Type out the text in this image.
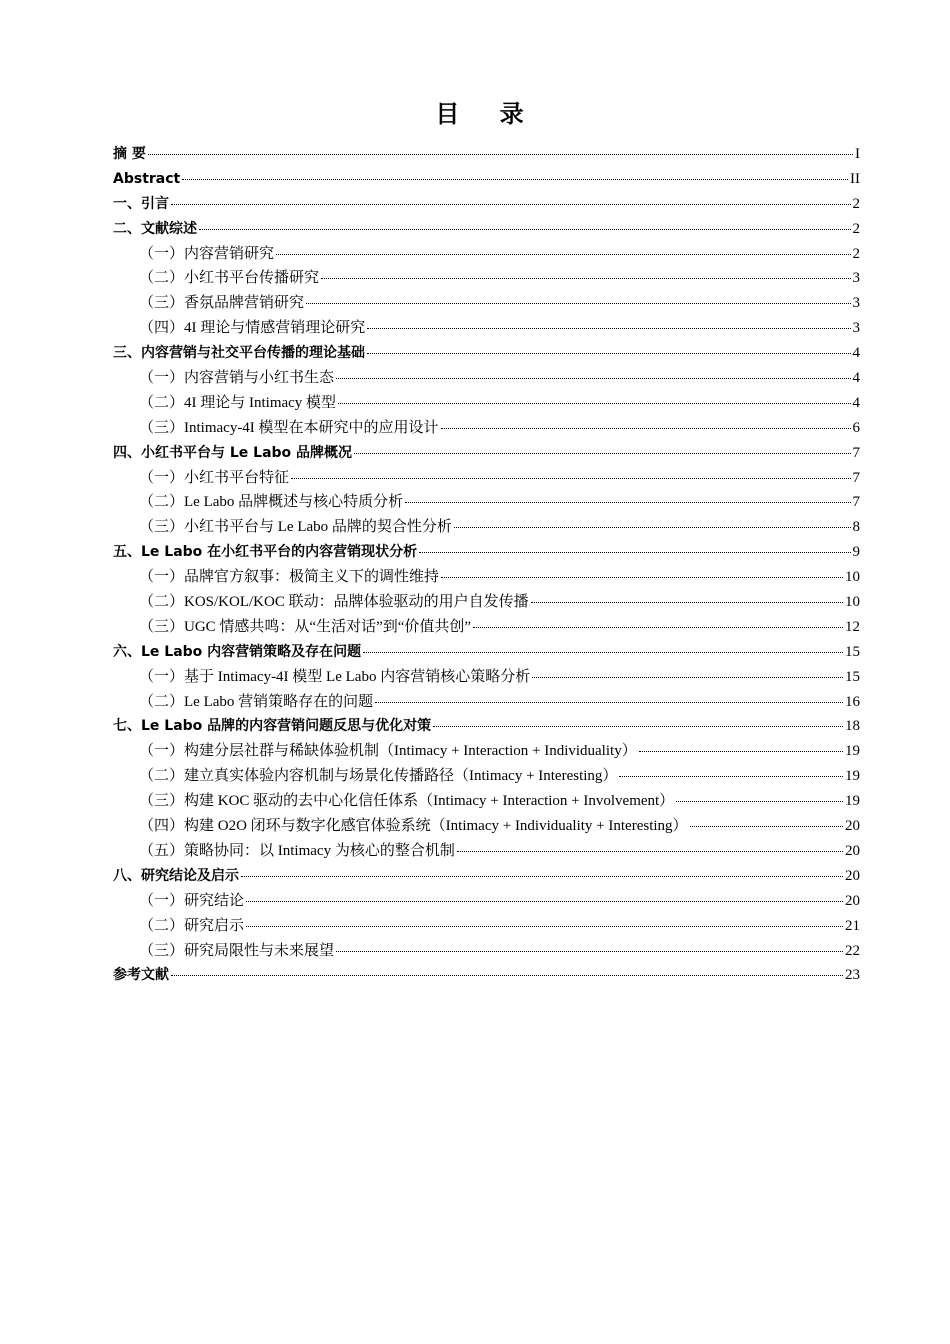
目 录
摘 要	I
Abstract	II
一、引言	2
二、文献综述	2
（一）内容营销研究	2
（二）小红书平台传播研究	3
（三）香氛品牌营销研究	3
（四）4I 理论与情感营销理论研究	3
三、内容营销与社交平台传播的理论基础	4
（一）内容营销与小红书生态	4
（二）4I 理论与 Intimacy 模型	4
（三）Intimacy-4I 模型在本研究中的应用设计	6
四、小红书平台与 Le Labo 品牌概况	7
（一）小红书平台特征	7
（二）Le Labo 品牌概述与核心特质分析	7
（三）小红书平台与 Le Labo 品牌的契合性分析	8
五、Le Labo 在小红书平台的内容营销现状分析	9
（一）品牌官方叙事：极简主义下的调性维持	10
（二）KOS/KOL/KOC 联动：品牌体验驱动的用户自发传播	10
（三）UGC 情感共鸣：从“生活对话”到“价值共创”	12
六、Le Labo 内容营销策略及存在问题	15
（一）基于 Intimacy-4I 模型 Le Labo 内容营销核心策略分析	15
（二）Le Labo 营销策略存在的问题	16
七、Le Labo 品牌的内容营销问题反思与优化对策	18
（一）构建分层社群与稀缺体验机制（Intimacy + Interaction + Individuality）	19
（二）建立真实体验内容机制与场景化传播路径（Intimacy + Interesting）	19
（三）构建 KOC 驱动的去中心化信任体系（Intimacy + Interaction + Involvement）	19
（四）构建 O2O 闭环与数字化感官体验系统（Intimacy + Individuality + Interesting）	20
（五）策略协同：以 Intimacy 为核心的整合机制	20
八、研究结论及启示	20
（一）研究结论	20
（二）研究启示	21
（三）研究局限性与未来展望	22
参考文献	23
